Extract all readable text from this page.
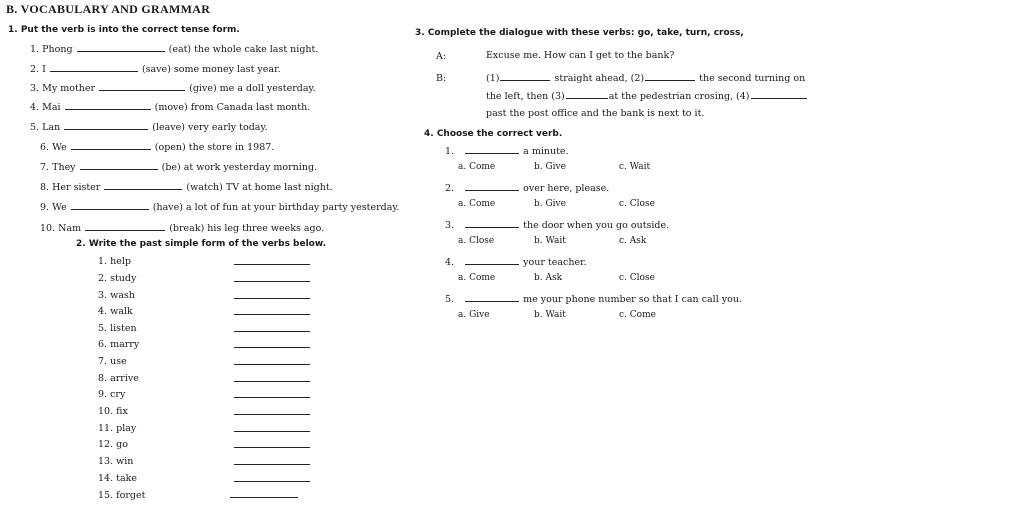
B. VOCABULARY AND GRAMMAR
1. Put the verb is into the correct tense form.
1. Phong	(eat) the whole cake last night.
2. I	(save) some money last year.
3. My mother	(give) me a doll yesterday.
4. Mai	(move) from Canada last month.
5. Lan	(leave) very early today.
6. We	(open) the store in 1987.
7. They	(be) at work yesterday morning.
8. Her sister	(watch) TV at home last night.
9. We	(have) a lot of fun at your birthday party yesterday.
10. Nam	(break) his leg three weeks ago.
2. Write the past simple form of the verbs below.
1. help
2. study
3. wash
4. walk
5. listen
6. marry
7. use
8. arrive
9. cry
10. fix
11. play
12. go
13. win
14. take
15. forget
3. Complete the dialogue with these verbs: go, take, turn, cross,
A:	Excuse me. How can I get to the bank?
B:	(1)	straight ahead, (2)	the second turning on
the left, then (3)	at the pedestrian crosing, (4)
past the post office and the bank is next to it.
4. Choose the correct verb.
1.	a minute.
a. Come	b. Give	c. Wait
2.	over here, please.
a. Come	b. Give	c. Close
3.	the door when you go outside.
a. Close	b. Wait	c. Ask
4.	your teacher.
a. Come	b. Ask	c. Close
5.	me your phone number so that I can call you.
a. Give	b. Wait	c. Come
